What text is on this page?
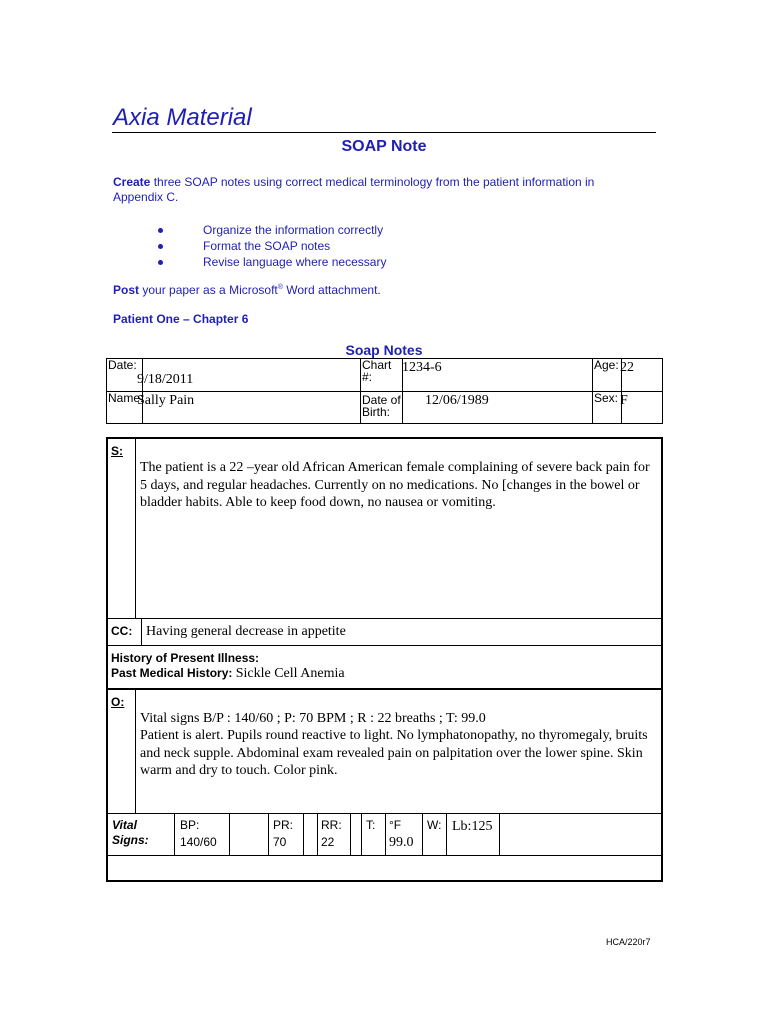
Axia Material
SOAP Note
Create three SOAP notes using correct medical terminology from the patient information in Appendix C.
Organize the information correctly
Format the SOAP notes
Revise language where necessary
Post your paper as a Microsoft® Word attachment.
Patient One – Chapter 6
Soap Notes
Date:	9/18/2011	Chart #:	1234-6	Age:	22

Name:	Sally Pain	Date of Birth:	12/06/1989	Sex:	F
S:
The patient is a 22 –year old African American female complaining of severe back pain for 5 days, and regular headaches. Currently on no medications. No [changes in the bowel or bladder habits. Able to keep food down, no nausea or vomiting.
CC: Having general decrease in appetite
History of Present Illness:
Past Medical History: Sickle Cell Anemia
O:
Vital signs B/P : 140/60 ; P: 70 BPM ; R : 22 breaths ; T: 99.0
Patient is alert. Pupils round reactive to light. No lymphatonopathy, no thyromegaly, bruits and neck supple. Abdominal exam revealed pain on palpitation over the lower spine. Skin warm and dry to touch. Color pink.
Vital Signs:
BP:
140/60
PR:
70
RR:
22
T: °F
99.0
W: Lb:125
HCA/220r7
